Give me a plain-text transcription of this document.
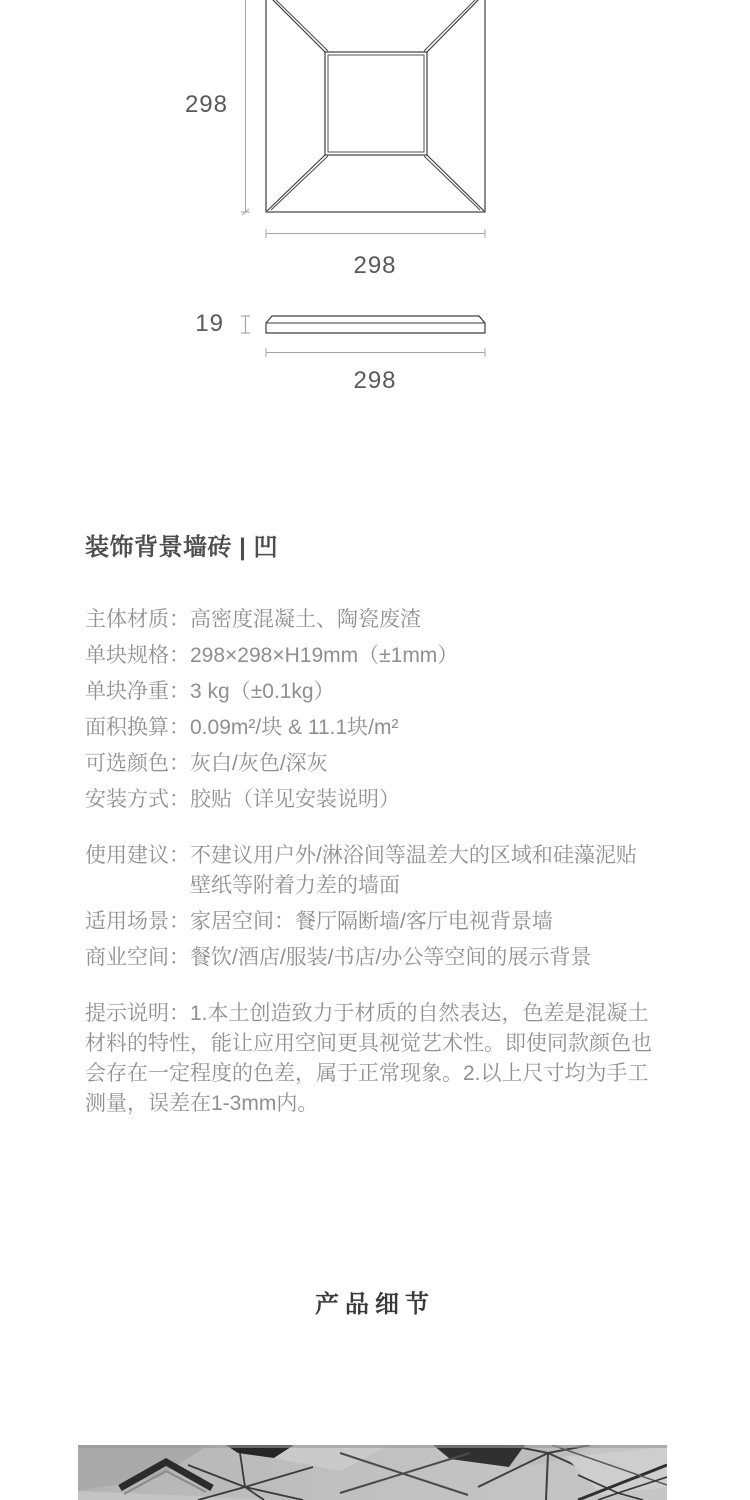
298
298
19
298
装饰背景墙砖 | 凹
主体材质： 高密度混凝土、陶瓷废渣
单块规格： 298×298×H19mm（±1mm）
单块净重： 3 kg（±0.1kg）
面积换算： 0.09m²/块 & 11.1块/m²
可选颜色： 灰白/灰色/深灰
安装方式： 胶贴（详见安装说明）
使用建议： 不建议用户外/淋浴间等温差大的区域和硅藻泥贴壁纸等附着力差的墙面
适用场景： 家居空间：餐厅隔断墙/客厅电视背景墙
商业空间： 餐饮/酒店/服装/书店/办公等空间的展示背景

提示说明：1.本土创造致力于材质的自然表达，色差是混凝土材料的特性，能让应用空间更具视觉艺术性。即使同款颜色也会存在一定程度的色差，属于正常现象。2.以上尺寸均为手工测量，误差在1-3mm内。

产品细节
